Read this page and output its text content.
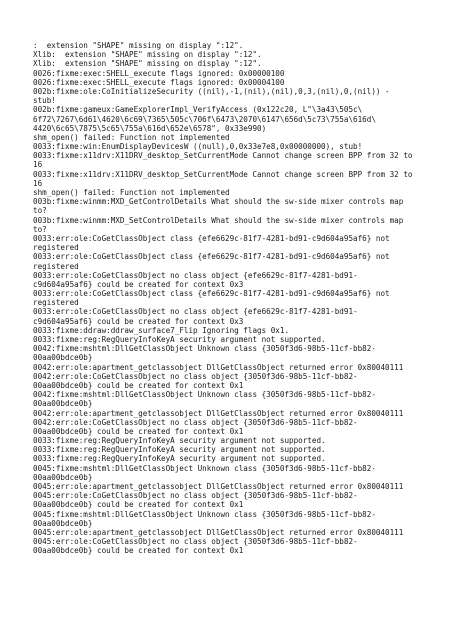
:  extension "SHAPE" missing on display ":12".
Xlib:  extension "SHAPE" missing on display ":12".
Xlib:  extension "SHAPE" missing on display ":12".
0026:fixme:exec:SHELL_execute flags ignored: 0x00000100
0026:fixme:exec:SHELL_execute flags ignored: 0x00004100
002b:fixme:ole:CoInitializeSecurity ((nil),-1,(nil),(nil),0,3,(nil),0,(nil)) -
stub!
002b:fixme:gameux:GameExplorerImpl_VerifyAccess (0x122c20, L"\3a43\505c\
6f72\7267\6d61\4620\6c69\7365\505c\706f\6473\2070\6147\656d\5c73\755a\616d\
4420\6c65\7875\5c65\755a\616d\652e\6578", 0x33e990)
shm_open() failed: Function not implemented
0033:fixme:win:EnumDisplayDevicesW ((null),0,0x33e7e8,0x00000000), stub!
0033:fixme:x11drv:X11DRV_desktop_SetCurrentMode Cannot change screen BPP from 32 to
16
0033:fixme:x11drv:X11DRV_desktop_SetCurrentMode Cannot change screen BPP from 32 to
16
shm_open() failed: Function not implemented
003b:fixme:winmm:MXD_GetControlDetails What should the sw-side mixer controls map
to?
003b:fixme:winmm:MXD_SetControlDetails What should the sw-side mixer controls map
to?
0033:err:ole:CoGetClassObject class {efe6629c-81f7-4281-bd91-c9d604a95af6} not
registered
0033:err:ole:CoGetClassObject class {efe6629c-81f7-4281-bd91-c9d604a95af6} not
registered
0033:err:ole:CoGetClassObject no class object {efe6629c-81f7-4281-bd91-
c9d604a95af6} could be created for context 0x3
0033:err:ole:CoGetClassObject class {efe6629c-81f7-4281-bd91-c9d604a95af6} not
registered
0033:err:ole:CoGetClassObject no class object {efe6629c-81f7-4281-bd91-
c9d604a95af6} could be created for context 0x3
0033:fixme:ddraw:ddraw_surface7_Flip Ignoring flags 0x1.
0033:fixme:reg:RegQueryInfoKeyA security argument not supported.
0042:fixme:mshtml:DllGetClassObject Unknown class {3050f3d6-98b5-11cf-bb82-
00aa00bdce0b}
0042:err:ole:apartment_getclassobject DllGetClassObject returned error 0x80040111
0042:err:ole:CoGetClassObject no class object {3050f3d6-98b5-11cf-bb82-
00aa00bdce0b} could be created for context 0x1
0042:fixme:mshtml:DllGetClassObject Unknown class {3050f3d6-98b5-11cf-bb82-
00aa00bdce0b}
0042:err:ole:apartment_getclassobject DllGetClassObject returned error 0x80040111
0042:err:ole:CoGetClassObject no class object {3050f3d6-98b5-11cf-bb82-
00aa00bdce0b} could be created for context 0x1
0033:fixme:reg:RegQueryInfoKeyA security argument not supported.
0033:fixme:reg:RegQueryInfoKeyA security argument not supported.
0033:fixme:reg:RegQueryInfoKeyA security argument not supported.
0045:fixme:mshtml:DllGetClassObject Unknown class {3050f3d6-98b5-11cf-bb82-
00aa00bdce0b}
0045:err:ole:apartment_getclassobject DllGetClassObject returned error 0x80040111
0045:err:ole:CoGetClassObject no class object {3050f3d6-98b5-11cf-bb82-
00aa00bdce0b} could be created for context 0x1
0045:fixme:mshtml:DllGetClassObject Unknown class {3050f3d6-98b5-11cf-bb82-
00aa00bdce0b}
0045:err:ole:apartment_getclassobject DllGetClassObject returned error 0x80040111
0045:err:ole:CoGetClassObject no class object {3050f3d6-98b5-11cf-bb82-
00aa00bdce0b} could be created for context 0x1
